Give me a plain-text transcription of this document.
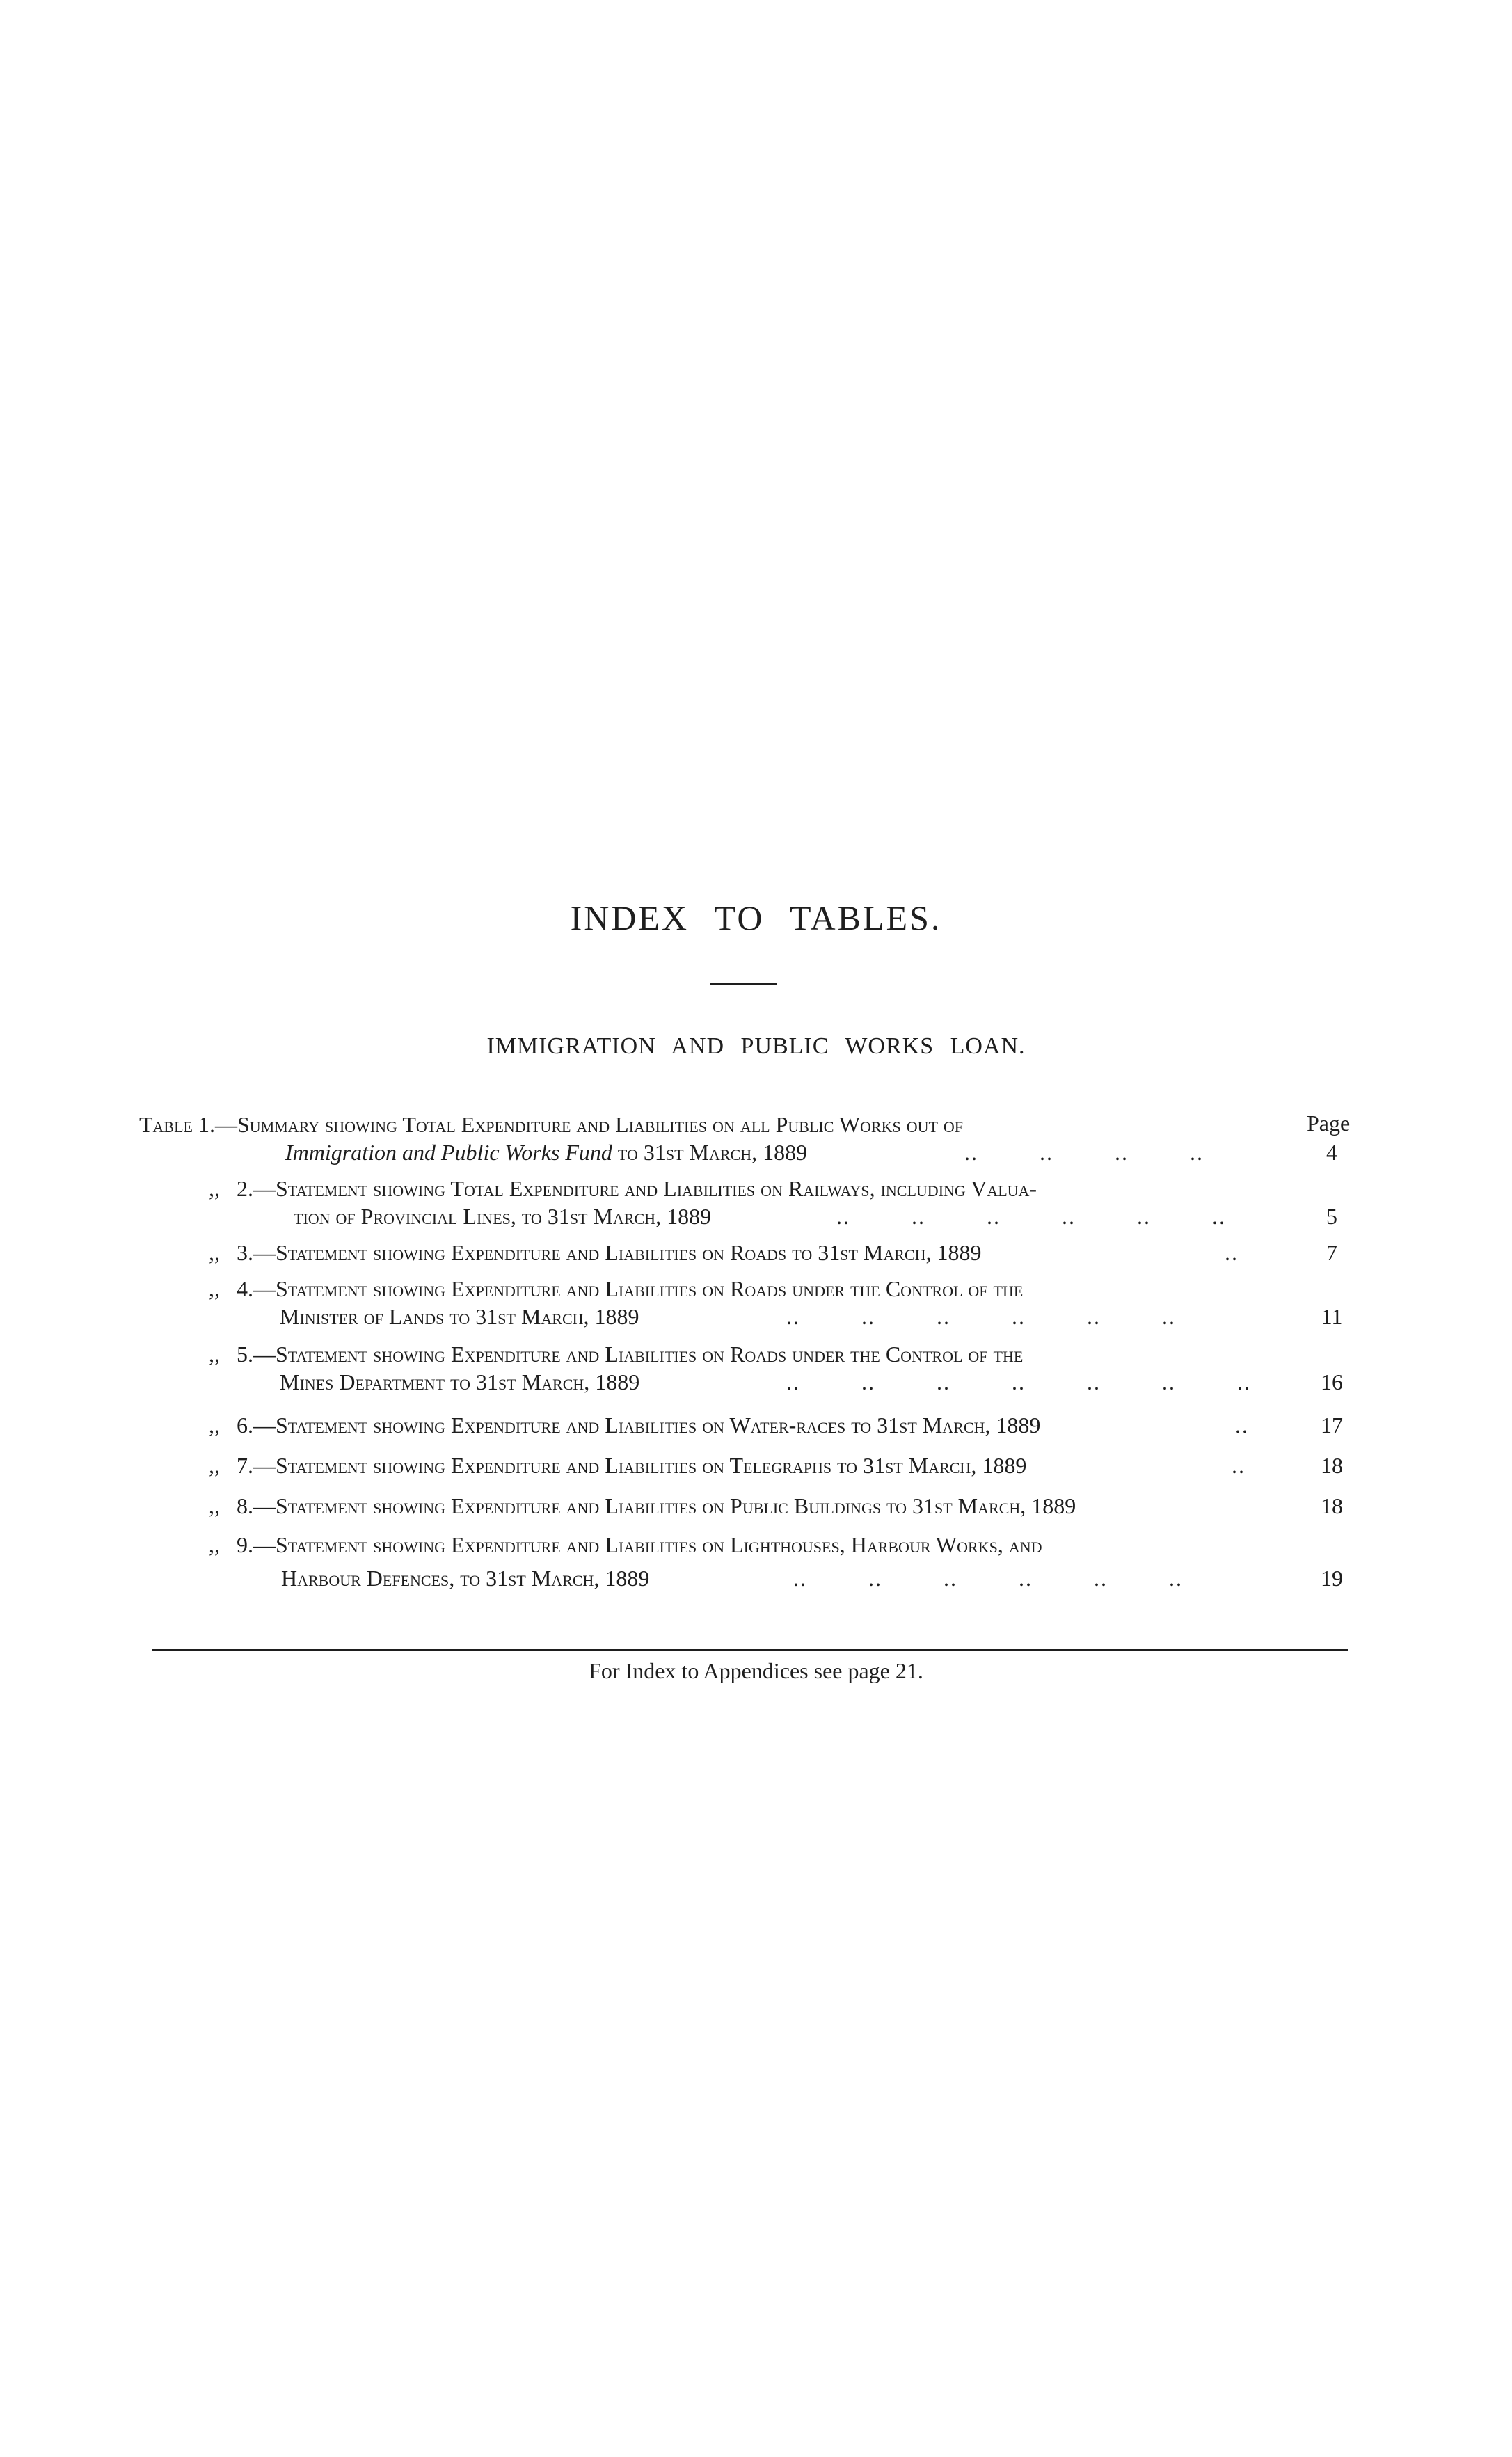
INDEX TO TABLES.
IMMIGRATION AND PUBLIC WORKS LOAN.
Page
Table 1.—Summary showing Total Expenditure and Liabilities on all Public Works out of
Immigration and Public Works Fund to 31st March, 1889	.. .. .. ..	4
,, 2.—Statement showing Total Expenditure and Liabilities on Railways, including Valua-
tion of Provincial Lines, to 31st March, 1889	.. .. .. .. .. ..	5
,, 3.—Statement showing Expenditure and Liabilities on Roads to 31st March, 1889	..	7
,, 4.—Statement showing Expenditure and Liabilities on Roads under the Control of the
Minister of Lands to 31st March, 1889	.. .. .. .. .. ..	11
,, 5.—Statement showing Expenditure and Liabilities on Roads under the Control of the
Mines Department to 31st March, 1889	.. .. .. .. .. .. ..	16
,, 6.—Statement showing Expenditure and Liabilities on Water-races to 31st March, 1889	..	17
,, 7.—Statement showing Expenditure and Liabilities on Telegraphs to 31st March, 1889	..	18
,, 8.—Statement showing Expenditure and Liabilities on Public Buildings to 31st March, 1889	18
,, 9.—Statement showing Expenditure and Liabilities on Lighthouses, Harbour Works, and
Harbour Defences, to 31st March, 1889	.. .. .. .. .. ..	19
For Index to Appendices see page 21.
